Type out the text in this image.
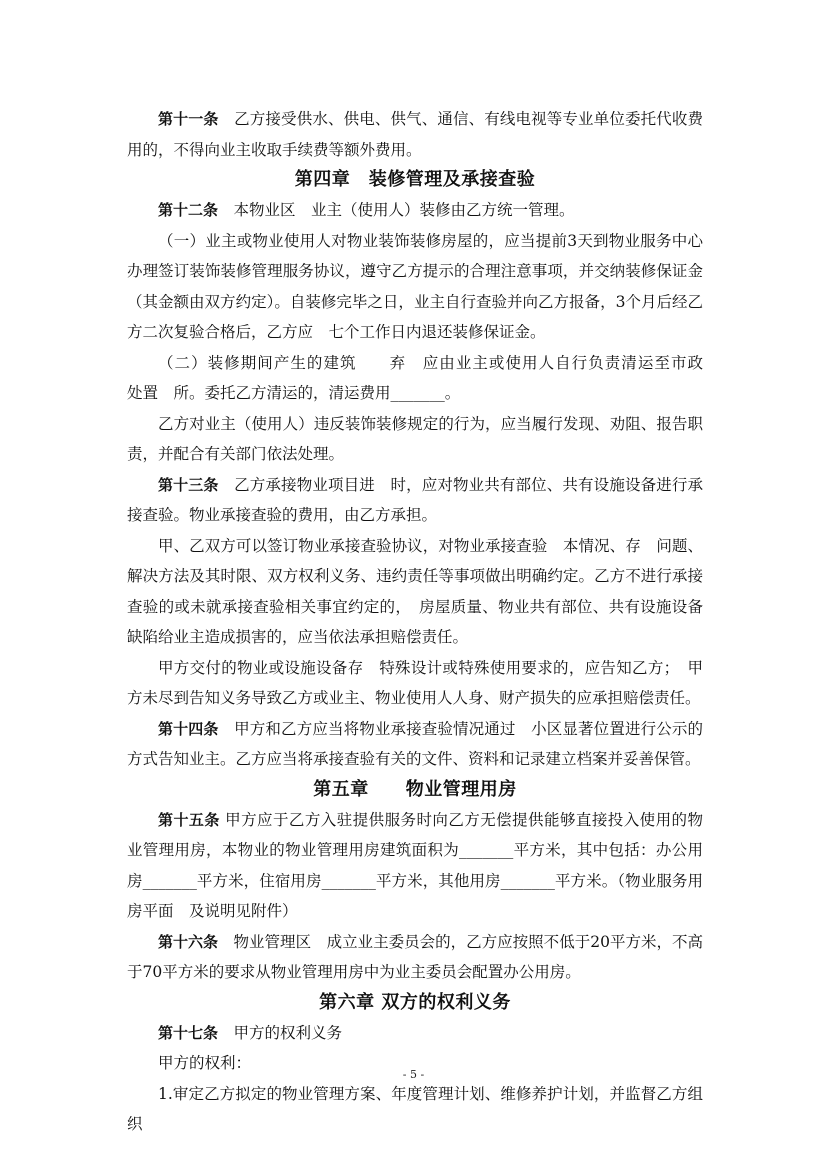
第十一条　乙方接受供水、供电、供气、通信、有线电视等专业单位委托代收费用的，不得向业主收取手续费等额外费用。

第四章　装修管理及承接查验

第十二条　本物业区　业主（使用人）装修由乙方统一管理。

（一）业主或物业使用人对物业装饰装修房屋的，应当提前3天到物业服务中心办理签订装饰装修管理服务协议，遵守乙方提示的合理注意事项，并交纳装修保证金（其金额由双方约定）。自装修完毕之日，业主自行查验并向乙方报备，3个月后经乙方二次复验合格后，乙方应　七个工作日内退还装修保证金。

（二）装修期间产生的建筑　　弃　应由业主或使用人自行负责清运至市政　　处置　所。委托乙方清运的，清运费用_______。

乙方对业主（使用人）违反装饰装修规定的行为，应当履行发现、劝阻、报告职责，并配合有关部门依法处理。

第十三条　乙方承接物业项目进　时，应对物业共有部位、共有设施设备进行承接查验。物业承接查验的费用，由乙方承担。

甲、乙双方可以签订物业承接查验协议，对物业承接查验　本情况、存　问题、解决方法及其时限、双方权利义务、违约责任等事项做出明确约定。乙方不进行承接查验的或未就承接查验相关事宜约定的，　房屋质量、物业共有部位、共有设施设备缺陷给业主造成损害的，应当依法承担赔偿责任。

甲方交付的物业或设施设备存　特殊设计或特殊使用要求的，应告知乙方；　甲方未尽到告知义务导致乙方或业主、物业使用人人身、财产损失的应承担赔偿责任。

第十四条　甲方和乙方应当将物业承接查验情况通过　小区显著位置进行公示的方式告知业主。乙方应当将承接查验有关的文件、资料和记录建立档案并妥善保管。

第五章　　物业管理用房

第十五条 甲方应于乙方入驻提供服务时向乙方无偿提供能够直接投入使用的物业管理用房，本物业的物业管理用房建筑面积为_______平方米，其中包括：办公用房_______平方米，住宿用房_______平方米，其他用房_______平方米。（物业服务用房平面　及说明见附件）

第十六条　物业管理区　成立业主委员会的，乙方应按照不低于20平方米，不高于70平方米的要求从物业管理用房中为业主委员会配置办公用房。

第六章 双方的权利义务

第十七条　甲方的权利义务

甲方的权利：

1.审定乙方拟定的物业管理方案、年度管理计划、维修养护计划，并监督乙方组织

- 5 -
